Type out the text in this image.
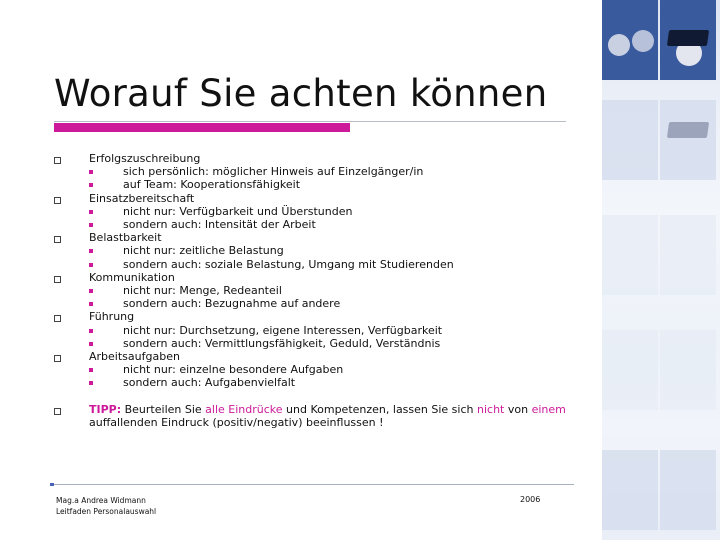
Worauf Sie achten können
Erfolgszuschreibung
sich persönlich: möglicher Hinweis auf Einzelgänger/in
auf Team: Kooperationsfähigkeit
Einsatzbereitschaft
nicht nur: Verfügbarkeit und Überstunden
sondern auch: Intensität der Arbeit
Belastbarkeit
nicht nur: zeitliche Belastung
sondern auch: soziale Belastung, Umgang mit Studierenden
Kommunikation
nicht nur: Menge, Redeanteil
sondern auch: Bezugnahme auf andere
Führung
nicht nur: Durchsetzung, eigene Interessen, Verfügbarkeit
sondern auch: Vermittlungsfähigkeit, Geduld, Verständnis
Arbeitsaufgaben
nicht nur: einzelne besondere Aufgaben
sondern auch: Aufgabenvielfalt
TIPP: Beurteilen Sie alle Eindrücke und Kompetenzen, lassen Sie sich nicht von einem auffallenden Eindruck (positiv/negativ) beeinflussen !
Mag.a Andrea Widmann
Leitfaden Personalauswahl
2006
